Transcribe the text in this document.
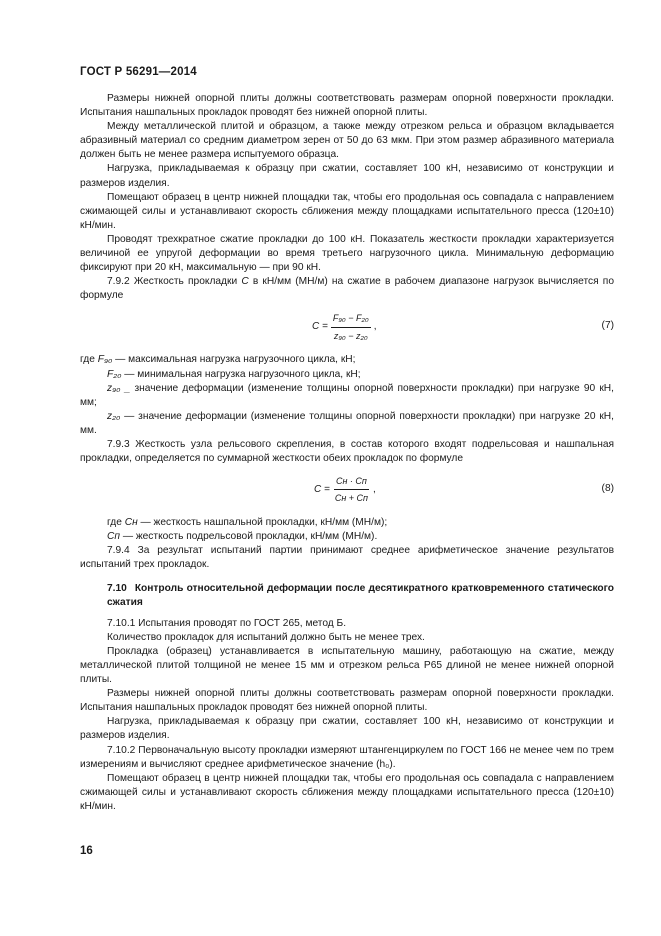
ГОСТ Р 56291—2014

Размеры нижней опорной плиты должны соответствовать размерам опорной поверхности прокладки. Испытания нашпальных прокладок проводят без нижней опорной плиты.

Между металлической плитой и образцом, а также между отрезком рельса и образцом вкладывается абразивный материал со средним диаметром зерен от 50 до 63 мкм. При этом размер абразивного материала должен быть не менее размера испытуемого образца.

Нагрузка, прикладываемая к образцу при сжатии, составляет 100 кН, независимо от конструкции и размеров изделия.

Помещают образец в центр нижней площадки так, чтобы его продольная ось совпадала с направлением сжимающей силы и устанавливают скорость сближения между площадками испытательного пресса (120±10) кН/мин.

Проводят трехкратное сжатие прокладки до 100 кН. Показатель жесткости прокладки характеризуется величиной ее упругой деформации во время третьего нагрузочного цикла. Минимальную деформацию фиксируют при 20 кН, максимальную — при 90 кН.

7.9.2 Жесткость прокладки C в кН/мм (МН/м) на сжатие в рабочем диапазоне нагрузок вычисляется по формуле

$C = \frac{\text{F₉₀ − F₂₀}}{\text{z₉₀ − z₂₀}}$ ,	(7)

где F₉₀ — максимальная нагрузка нагрузочного цикла, кН;

F₂₀ — минимальная нагрузка нагрузочного цикла, кН;

z₉₀ _ значение деформации (изменение толщины опорной поверхности прокладки) при нагрузке 90 кН, мм;

z₂₀ — значение деформации (изменение толщины опорной поверхности прокладки) при нагрузке 20 кН, мм.

7.9.3 Жесткость узла рельсового скрепления, в состав которого входят подрельсовая и нашпальная прокладки, определяется по суммарной жесткости обеих прокладок по формуле

$C = \frac{Cн \cdot Cп}{Cн + Cп}$ ,	(8)

где Cн — жесткость нашпальной прокладки, кН/мм (МН/м);

Cп — жесткость подрельсовой прокладки, кН/мм (МН/м).

7.9.4 За результат испытаний партии принимают среднее арифметическое значение результатов испытаний трех прокладок.

7.10 Контроль относительной деформации после десятикратного кратковременного статического сжатия

7.10.1 Испытания проводят по ГОСТ 265, метод Б.

Количество прокладок для испытаний должно быть не менее трех.

Прокладка (образец) устанавливается в испытательную машину, работающую на сжатие, между металлической плитой толщиной не менее 15 мм и отрезком рельса Р65 длиной не менее нижней опорной плиты.

Размеры нижней опорной плиты должны соответствовать размерам опорной поверхности прокладки. Испытания нашпальных прокладок проводят без нижней опорной плиты.

Нагрузка, прикладываемая к образцу при сжатии, составляет 100 кН, независимо от конструкции и размеров изделия.

7.10.2 Первоначальную высоту прокладки измеряют штангенциркулем по ГОСТ 166 не менее чем по трем измерениям и вычисляют среднее арифметическое значение (h₀).

Помещают образец в центр нижней площадки так, чтобы его продольная ось совпадала с направлением сжимающей силы и устанавливают скорость сближения между площадками испытательного пресса (120±10) кН/мин.

16
